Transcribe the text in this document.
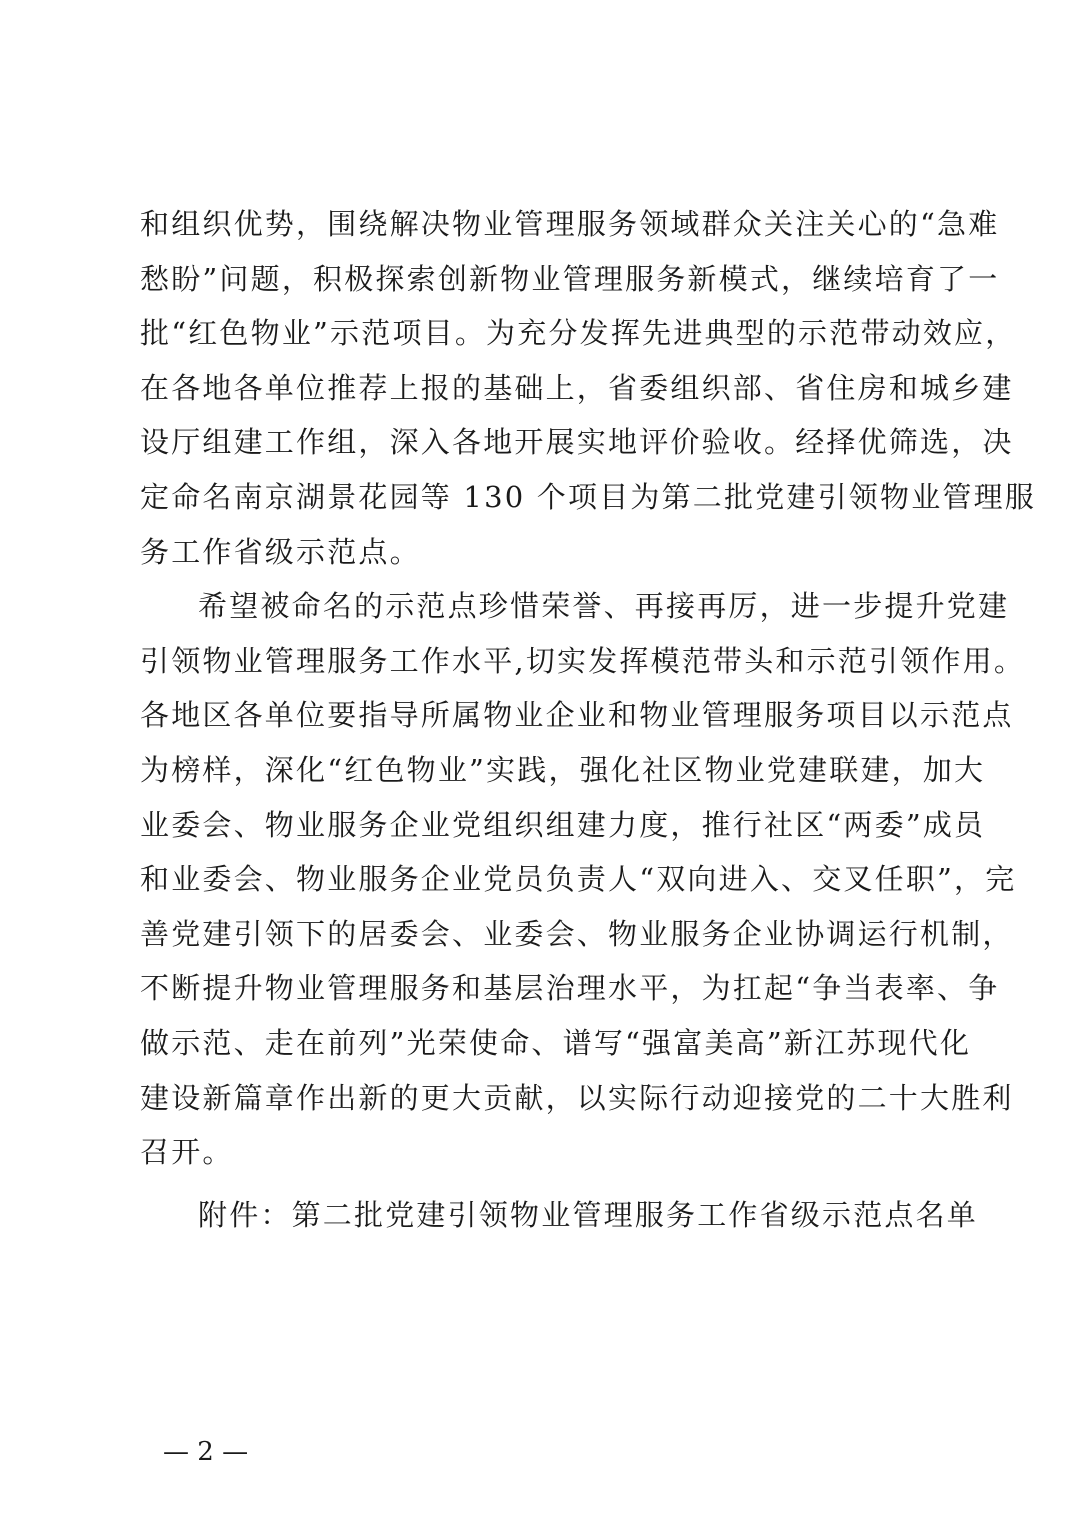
和组织优势，围绕解决物业管理服务领域群众关注关心的“急难
愁盼”问题，积极探索创新物业管理服务新模式，继续培育了一
批“红色物业”示范项目。为充分发挥先进典型的示范带动效应，
在各地各单位推荐上报的基础上，省委组织部、省住房和城乡建
设厅组建工作组，深入各地开展实地评价验收。经择优筛选，决
定命名南京湖景花园等 130 个项目为第二批党建引领物业管理服
务工作省级示范点。

希望被命名的示范点珍惜荣誉、再接再厉，进一步提升党建
引领物业管理服务工作水平,切实发挥模范带头和示范引领作用。
各地区各单位要指导所属物业企业和物业管理服务项目以示范点
为榜样，深化“红色物业”实践，强化社区物业党建联建，加大
业委会、物业服务企业党组织组建力度，推行社区“两委”成员
和业委会、物业服务企业党员负责人“双向进入、交叉任职”，完
善党建引领下的居委会、业委会、物业服务企业协调运行机制，
不断提升物业管理服务和基层治理水平，为扛起“争当表率、争
做示范、走在前列”光荣使命、谱写“强富美高”新江苏现代化
建设新篇章作出新的更大贡献，以实际行动迎接党的二十大胜利
召开。

附件：第二批党建引领物业管理服务工作省级示范点名单

— 2 —
